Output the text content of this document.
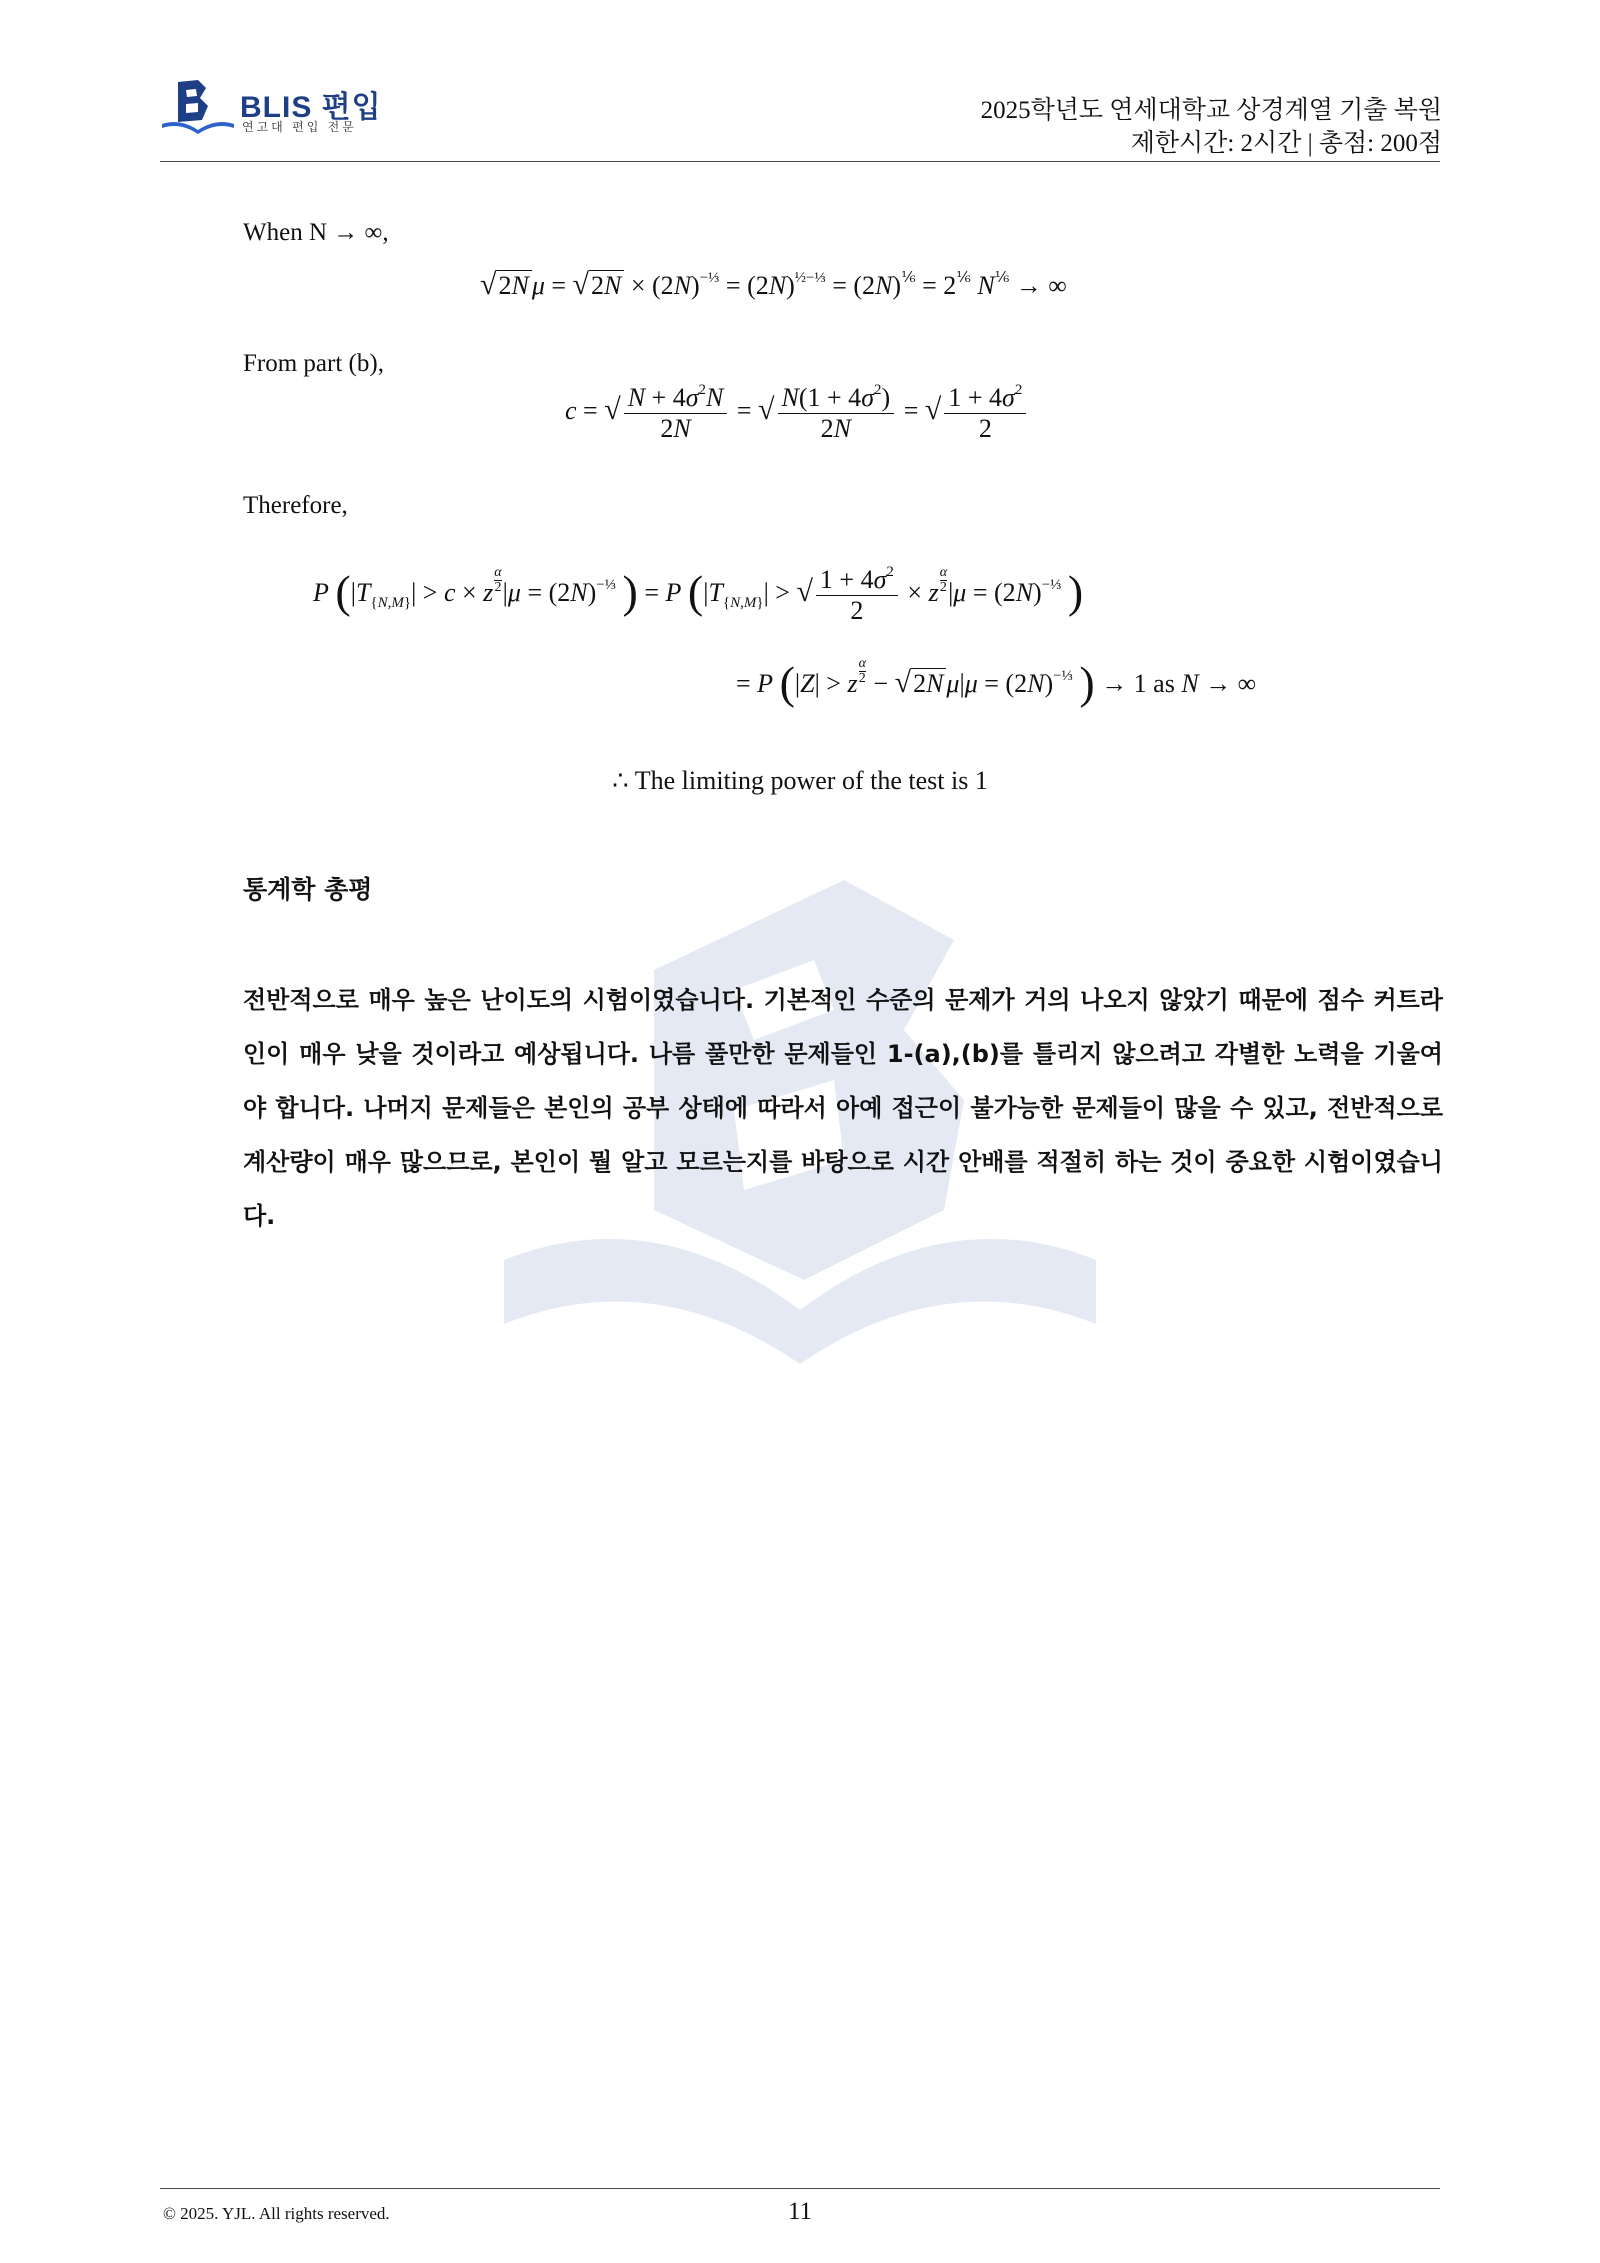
BLIS 편입
연고대 편입 전문
2025학년도 연세대학교 상경계열 기출 복원
제한시간: 2시간 | 총점: 200점
When N → ∞,
√2N $\mu = √2N \times (2N)^{-\frac{1}{3}} = (2N)^{\frac{1}{2}-\frac{1}{3}} = (2N)^{\frac{1}{6}} = 2^{\frac{1}{6}}$ $N^{\frac{1}{6}}$ → ∞
From part (b),
c = √ $\frac{N + 4\sigma^2N}{2N}$ = √ $\frac{N(1 + 4\sigma^2)}{2N}$ = √ $\frac{1 + 4\sigma^2}{2}$
Therefore,
P ($|T_{\{N,M\}}| > c \times z \frac{\alpha}{2} |\mu = (2N)^{-\frac{1}{3}}$ ) = P ($|T_{\{N,M\}}|$ > √ $\frac{1 + 4\sigma^2}{2} \times z \frac{\alpha}{2} |\mu = (2N)^{-\frac{1}{3}}$ )
= P (|Z| > z $\frac{\alpha}{2} - √2N$ $\mu|\mu = (2N)^{-\frac{1}{3}}$ ) → 1 as N → ∞
∴ The limiting power of the test is 1
통계학 총평
전반적으로 매우 높은 난이도의 시험이였습니다. 기본적인 수준의 문제가 거의 나오지 않았기 때문에 점수 커트라인이 매우 낮을 것이라고 예상됩니다. 나름 풀만한 문제들인 1-(a),(b)를 틀리지 않으려고 각별한 노력을 기울여야 합니다. 나머지 문제들은 본인의 공부 상태에 따라서 아예 접근이 불가능한 문제들이 많을 수 있고, 전반적으로 계산량이 매우 많으므로, 본인이 뭘 알고 모르는지를 바탕으로 시간 안배를 적절히 하는 것이 중요한 시험이였습니다.
© 2025. YJL. All rights reserved.	11
